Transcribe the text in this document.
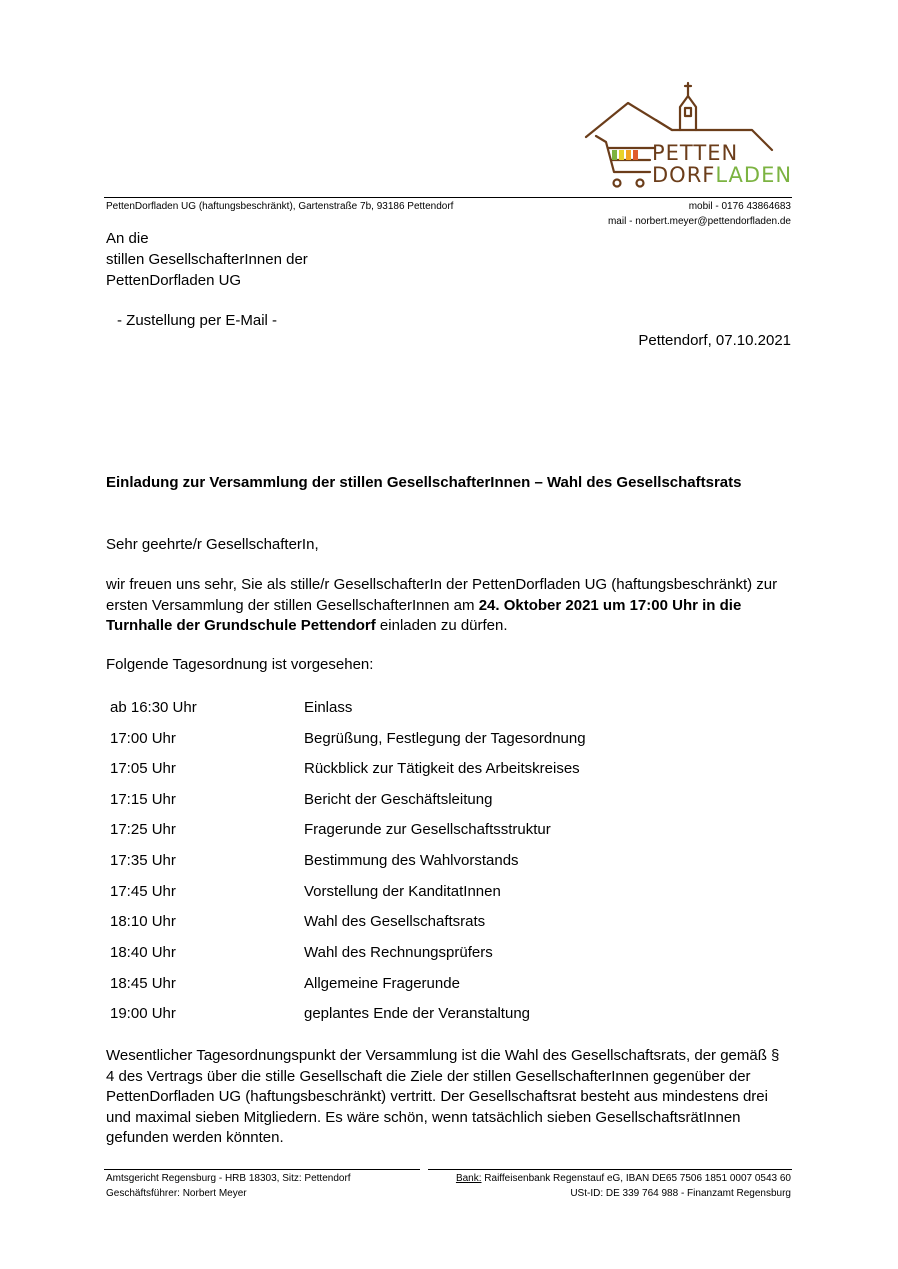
PETTEN
DORFLADEN
PettenDorfladen UG (haftungsbeschränkt), Gartenstraße 7b, 93186 Pettendorf	mobil - 0176 43864683
mail - norbert.meyer@pettendorfladen.de
An die
stillen GesellschafterInnen der
PettenDorfladen UG
- Zustellung per E-Mail -
Pettendorf, 07.10.2021
Einladung zur Versammlung der stillen GesellschafterInnen – Wahl des Gesellschaftsrats
Sehr geehrte/r GesellschafterIn,
wir freuen uns sehr, Sie als stille/r GesellschafterIn der PettenDorfladen UG (haftungsbeschränkt) zur ersten Versammlung der stillen GesellschafterInnen am 24. Oktober 2021 um 17:00 Uhr in die Turnhalle der Grundschule Pettendorf einladen zu dürfen.
Folgende Tagesordnung ist vorgesehen:
ab 16:30 Uhr	Einlass
17:00 Uhr	Begrüßung, Festlegung der Tagesordnung
17:05 Uhr	Rückblick zur Tätigkeit des Arbeitskreises
17:15 Uhr	Bericht der Geschäftsleitung
17:25 Uhr	Fragerunde zur Gesellschaftsstruktur
17:35 Uhr	Bestimmung des Wahlvorstands
17:45 Uhr	Vorstellung der KanditatInnen
18:10 Uhr	Wahl des Gesellschaftsrats
18:40 Uhr	Wahl des Rechnungsprüfers
18:45 Uhr	Allgemeine Fragerunde
19:00 Uhr	geplantes Ende der Veranstaltung
Wesentlicher Tagesordnungspunkt der Versammlung ist die Wahl des Gesellschaftsrats, der gemäß § 4 des Vertrags über die stille Gesellschaft die Ziele der stillen GesellschafterInnen gegenüber der PettenDorfladen UG (haftungsbeschränkt) vertritt. Der Gesellschaftsrat besteht aus mindestens drei und maximal sieben Mitgliedern. Es wäre schön, wenn tatsächlich sieben GesellschaftsrätInnen gefunden werden könnten.
Amtsgericht Regensburg - HRB 18303, Sitz: Pettendorf
Geschäftsführer: Norbert Meyer
Bank: Raiffeisenbank Regenstauf eG, IBAN DE65 7506 1851 0007 0543 60
USt-ID: DE 339 764 988 - Finanzamt Regensburg
